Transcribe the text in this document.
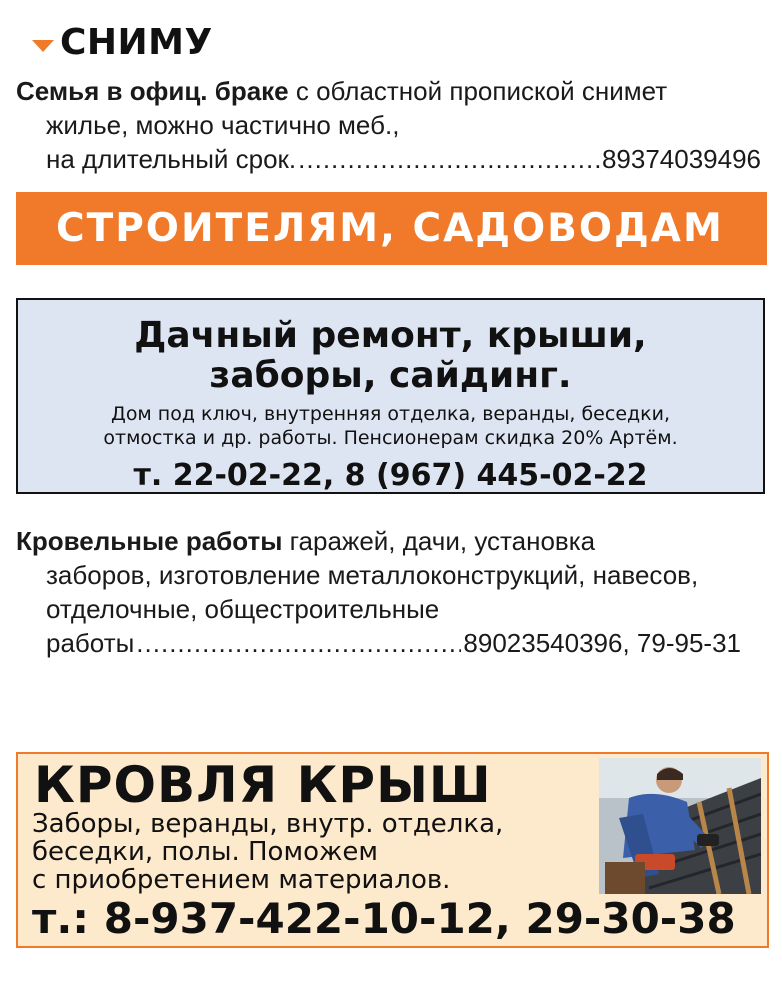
СНИМУ
Семья в офиц. браке с областной пропиской снимет
жилье, можно частично меб.,
на длительный срок. .....	89374039496
СТРОИТЕЛЯМ, САДОВОДАМ
Дачный ремонт, крыши,
заборы, сайдинг.
Дом под ключ, внутренняя отделка, веранды, беседки,
отмостка и др. работы. Пенсионерам скидка 20% Артём.
т. 22-02-22, 8 (967) 445-02-22
Кровельные работы гаражей, дачи, установка
заборов, изготовление металлоконструкций, навесов,
отделочные, общестроительные
работы .....	89023540396, 79-95-31
КРОВЛЯ КРЫШ
Заборы, веранды, внутр. отделка,
беседки, полы. Поможем
с приобретением материалов.
т.: 8-937-422-10-12, 29-30-38
